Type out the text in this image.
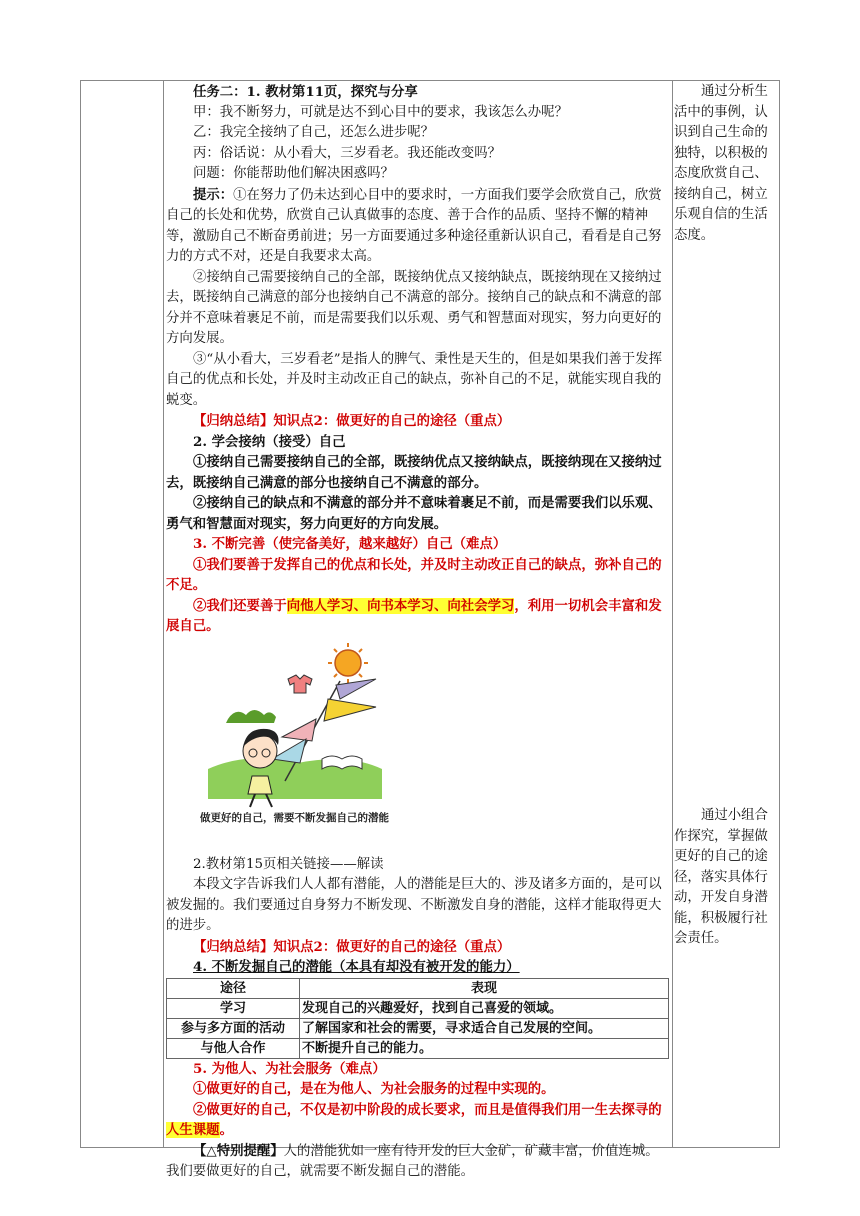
任务二：1. 教材第11页，探究与分享

甲：我不断努力，可就是达不到心目中的要求，我该怎么办呢？

乙：我完全接纳了自己，还怎么进步呢？

丙：俗话说：从小看大，三岁看老。我还能改变吗？

问题：你能帮助他们解决困惑吗？

提示：①在努力了仍未达到心目中的要求时，一方面我们要学会欣赏自己，欣赏自己的长处和优势，欣赏自己认真做事的态度、善于合作的品质、坚持不懈的精神等，激励自己不断奋勇前进；另一方面要通过多种途径重新认识自己，看看是自己努力的方式不对，还是自我要求太高。

②接纳自己需要接纳自己的全部，既接纳优点又接纳缺点，既接纳现在又接纳过去，既接纳自己满意的部分也接纳自己不满意的部分。接纳自己的缺点和不满意的部分并不意味着裹足不前，而是需要我们以乐观、勇气和智慧面对现实，努力向更好的方向发展。

③“从小看大，三岁看老”是指人的脾气、秉性是天生的，但是如果我们善于发挥自己的优点和长处，并及时主动改正自己的缺点，弥补自己的不足，就能实现自我的蜕变。

【归纳总结】知识点2：做更好的自己的途径（重点）

2. 学会接纳（接受）自己

①接纳自己需要接纳自己的全部，既接纳优点又接纳缺点，既接纳现在又接纳过去，既接纳自己满意的部分也接纳自己不满意的部分。

②接纳自己的缺点和不满意的部分并不意味着裹足不前，而是需要我们以乐观、勇气和智慧面对现实，努力向更好的方向发展。

3. 不断完善（使完备美好，越来越好）自己（难点）

①我们要善于发挥自己的优点和长处，并及时主动改正自己的缺点，弥补自己的不足。

②我们还要善于向他人学习、向书本学习、向社会学习，利用一切机会丰富和发展自己。

做更好的自己，需要不断发掘自己的潜能

2.教材第15页相关链接——解读

本段文字告诉我们人人都有潜能，人的潜能是巨大的、涉及诸多方面的，是可以被发掘的。我们要通过自身努力不断发现、不断激发自身的潜能，这样才能取得更大的进步。

【归纳总结】知识点2：做更好的自己的途径（重点）

4. 不断发掘自己的潜能（本具有却没有被开发的能力）

途径	表现
学习	发现自己的兴趣爱好，找到自己喜爱的领域。
参与多方面的活动	了解国家和社会的需要，寻求适合自己发展的空间。
与他人合作	不断提升自己的能力。

5. 为他人、为社会服务（难点）

①做更好的自己，是在为他人、为社会服务的过程中实现的。

②做更好的自己，不仅是初中阶段的成长要求，而且是值得我们用一生去探寻的人生课题。

【△特别提醒】人的潜能犹如一座有待开发的巨大金矿，矿藏丰富，价值连城。我们要做更好的自己，就需要不断发掘自己的潜能。

通过分析生活中的事例，认识到自己生命的独特，以积极的态度欣赏自己、接纳自己，树立乐观自信的生活态度。

通过小组合作探究，掌握做更好的自己的途径，落实具体行动，开发自身潜能，积极履行社会责任。
